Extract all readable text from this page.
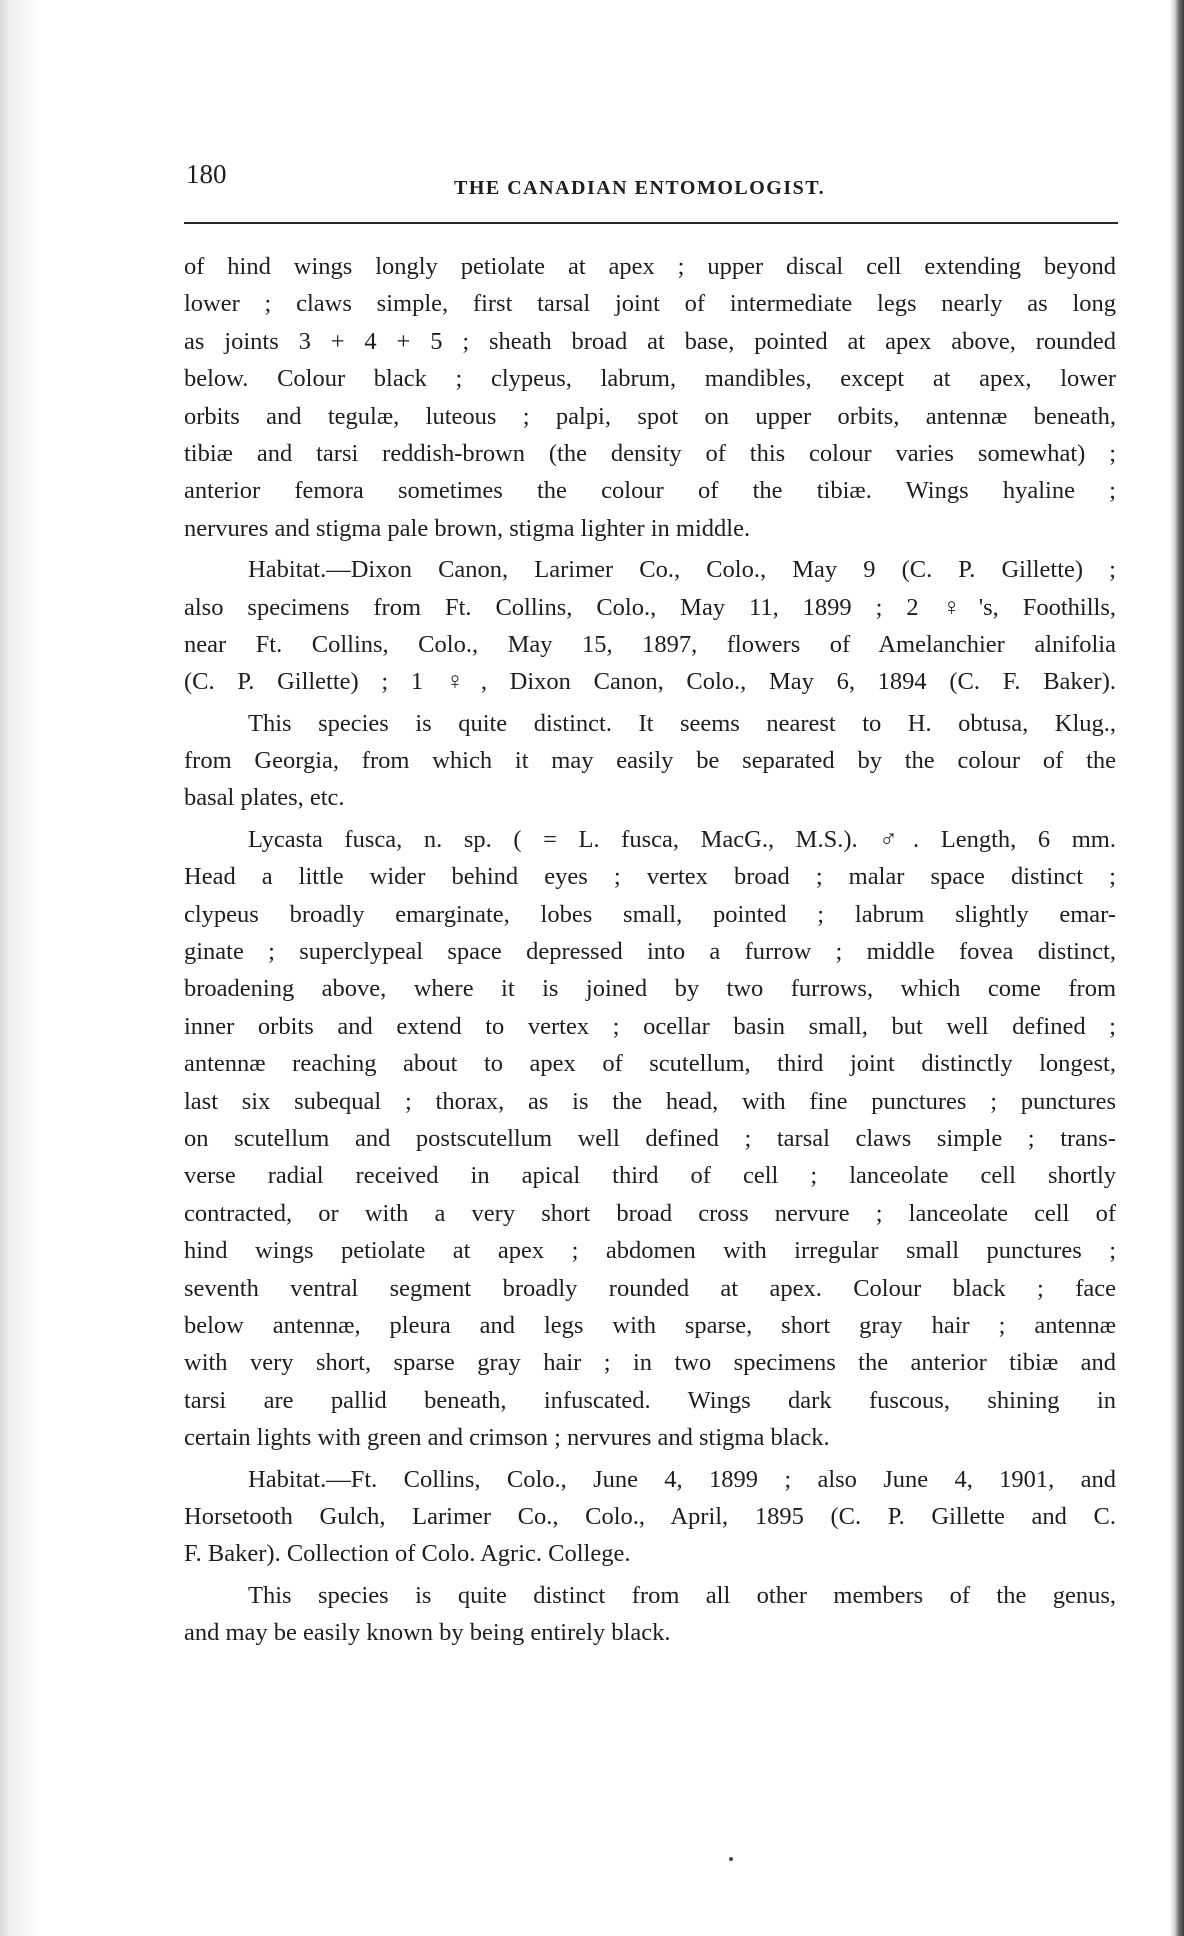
180	THE CANADIAN ENTOMOLOGIST.
of hind wings longly petiolate at apex ; upper discal cell extending beyond
lower ; claws simple, first tarsal joint of intermediate legs nearly as long
as joints 3 + 4 + 5 ; sheath broad at base, pointed at apex above, rounded
below. Colour black ; clypeus, labrum, mandibles, except at apex, lower
orbits and tegulæ, luteous ; palpi, spot on upper orbits, antennæ beneath,
tibiæ and tarsi reddish-brown (the density of this colour varies somewhat) ;
anterior femora sometimes the colour of the tibiæ. Wings hyaline ;
nervures and stigma pale brown, stigma lighter in middle.
Habitat.—Dixon Canon, Larimer Co., Colo., May 9 (C. P. Gillette) ;
also specimens from Ft. Collins, Colo., May 11, 1899 ; 2 ♀'s, Foothills,
near Ft. Collins, Colo., May 15, 1897, flowers of Amelanchier alnifolia
(C. P. Gillette) ; 1 ♀, Dixon Canon, Colo., May 6, 1894 (C. F. Baker).
This species is quite distinct. It seems nearest to H. obtusa, Klug.,
from Georgia, from which it may easily be separated by the colour of the
basal plates, etc.
Lycasta fusca, n. sp. ( = L. fusca, MacG., M.S.). ♂. Length, 6 mm.
Head a little wider behind eyes ; vertex broad ; malar space distinct ;
clypeus broadly emarginate, lobes small, pointed ; labrum slightly emar-
ginate ; superclypeal space depressed into a furrow ; middle fovea distinct,
broadening above, where it is joined by two furrows, which come from
inner orbits and extend to vertex ; ocellar basin small, but well defined ;
antennæ reaching about to apex of scutellum, third joint distinctly longest,
last six subequal ; thorax, as is the head, with fine punctures ; punctures
on scutellum and postscutellum well defined ; tarsal claws simple ; trans-
verse radial received in apical third of cell ; lanceolate cell shortly
contracted, or with a very short broad cross nervure ; lanceolate cell of
hind wings petiolate at apex ; abdomen with irregular small punctures ;
seventh ventral segment broadly rounded at apex. Colour black ; face
below antennæ, pleura and legs with sparse, short gray hair ; antennæ
with very short, sparse gray hair ; in two specimens the anterior tibiæ and
tarsi are pallid beneath, infuscated. Wings dark fuscous, shining in
certain lights with green and crimson ; nervures and stigma black.
Habitat.—Ft. Collins, Colo., June 4, 1899 ; also June 4, 1901, and
Horsetooth Gulch, Larimer Co., Colo., April, 1895 (C. P. Gillette and C.
F. Baker). Collection of Colo. Agric. College.
This species is quite distinct from all other members of the genus,
and may be easily known by being entirely black.
